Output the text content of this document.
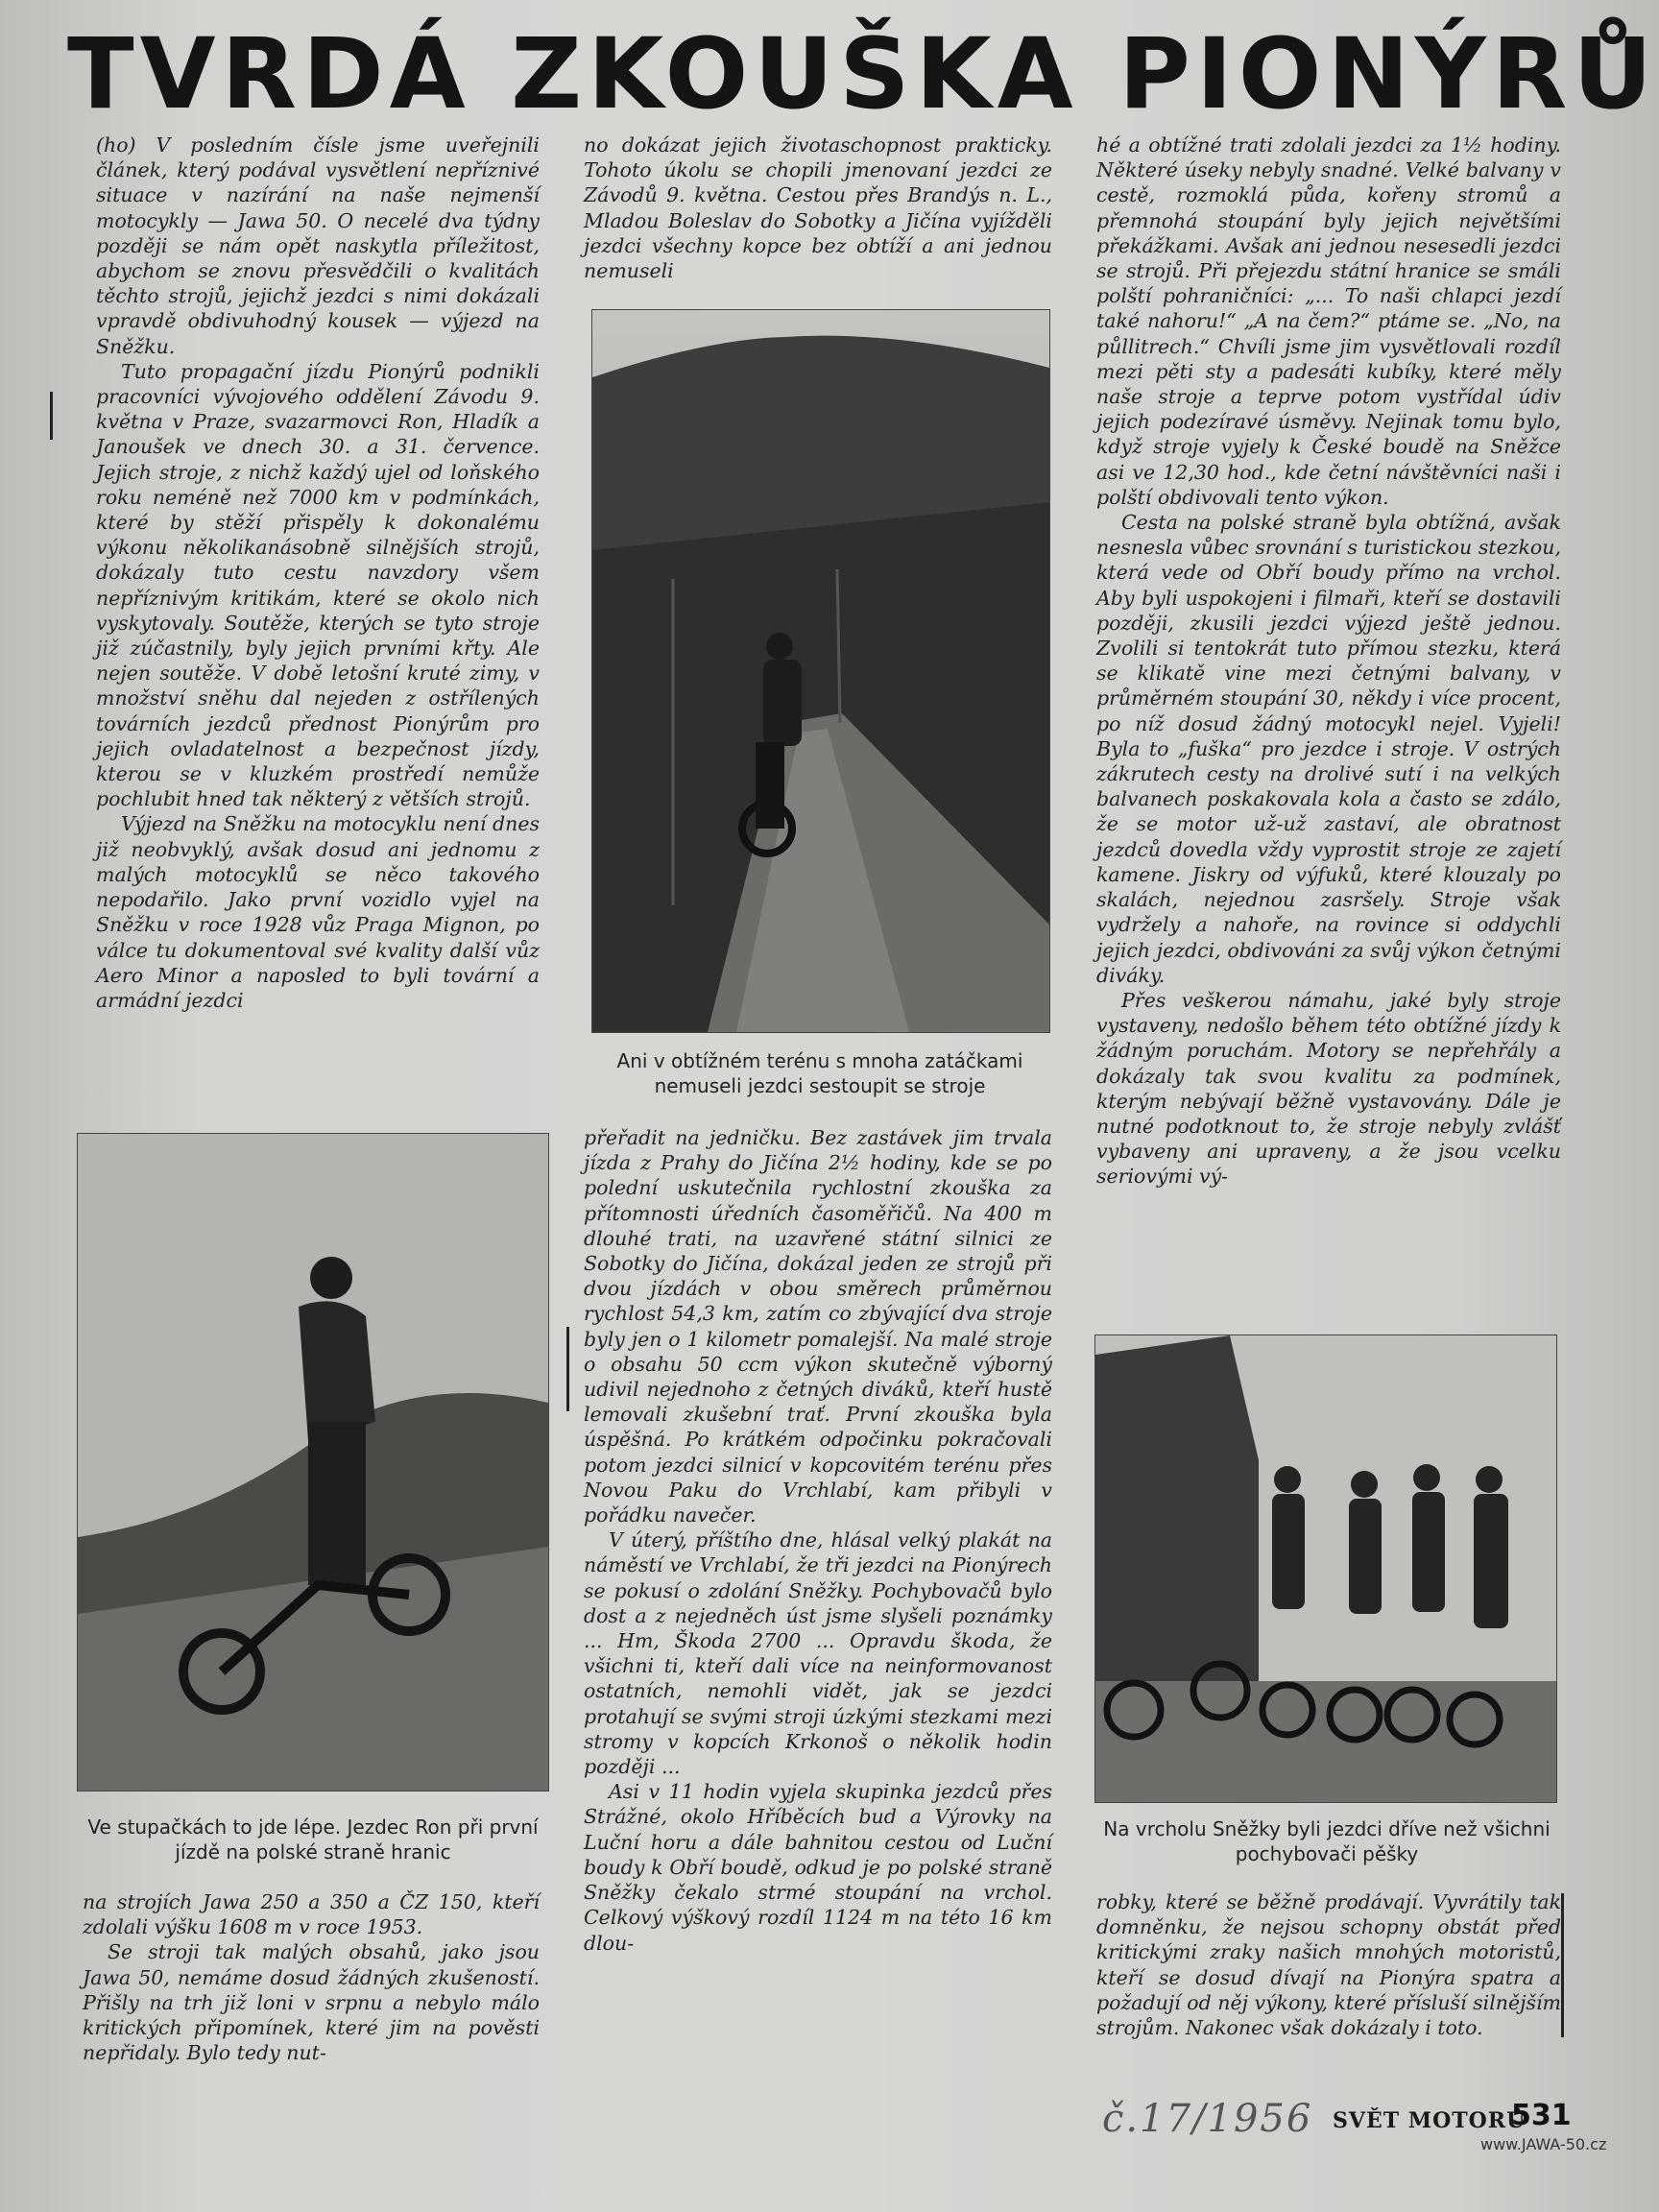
TVRDÁ ZKOUŠKA PIONÝRŮ

(ho) V posledním čísle jsme uveřejnili článek, který podával vysvětlení nepříznivé situace v nazírání na naše nejmenší motocykly — Jawa 50. O necelé dva týdny později se nám opět naskytla příležitost, abychom se znovu přesvědčili o kvalitách těchto strojů, jejichž jezdci s nimi dokázali vpravdě obdivuhodný kousek — výjezd na Sněžku.

Tuto propagační jízdu Pionýrů podnikli pracovníci vývojového oddělení Závodu 9. května v Praze, svazarmovci Ron, Hladík a Janoušek ve dnech 30. a 31. července. Jejich stroje, z nichž každý ujel od loňského roku neméně než 7000 km v podmínkách, které by stěží přispěly k dokonalému výkonu několikanásobně silnějších strojů, dokázaly tuto cestu navzdory všem nepříznivým kritikám, které se okolo nich vyskytovaly. Soutěže, kterých se tyto stroje již zúčastnily, byly jejich prvními křty. Ale nejen soutěže. V době letošní kruté zimy, v množství sněhu dal nejeden z ostřílených továrních jezdců přednost Pionýrům pro jejich ovladatelnost a bezpečnost jízdy, kterou se v kluzkém prostředí nemůže pochlubit hned tak některý z větších strojů.

Výjezd na Sněžku na motocyklu není dnes již neobvyklý, avšak dosud ani jednomu z malých motocyklů se něco takového nepodařilo. Jako první vozidlo vyjel na Sněžku v roce 1928 vůz Praga Mignon, po válce tu dokumentoval své kvality další vůz Aero Minor a naposled to byli tovární a armádní jezdci

no dokázat jejich životaschopnost prakticky. Tohoto úkolu se chopili jmenovaní jezdci ze Závodů 9. května. Cestou přes Brandýs n. L., Mladou Boleslav do Sobotky a Jičína vyjížděli jezdci všechny kopce bez obtíží a ani jednou nemuseli

hé a obtížné trati zdolali jezdci za 1½ hodiny. Některé úseky nebyly snadné. Velké balvany v cestě, rozmoklá půda, kořeny stromů a přemnohá stoupání byly jejich největšími překážkami. Avšak ani jednou nesesedli jezdci se strojů. Při přejezdu státní hranice se smáli polští pohraničníci: „... To naši chlapci jezdí také nahoru!“ „A na čem?“ ptáme se. „No, na půllitrech.“ Chvíli jsme jim vysvětlovali rozdíl mezi pěti sty a padesáti kubíky, které měly naše stroje a teprve potom vystřídal údiv jejich podezíravé úsměvy. Nejinak tomu bylo, když stroje vyjely k České boudě na Sněžce asi ve 12,30 hod., kde četní návštěvníci naši i polští obdivovali tento výkon.

Cesta na polské straně byla obtížná, avšak nesnesla vůbec srovnání s turistickou stezkou, která vede od Obří boudy přímo na vrchol. Aby byli uspokojeni i filmaři, kteří se dostavili později, zkusili jezdci výjezd ještě jednou. Zvolili si tentokrát tuto přímou stezku, která se klikatě vine mezi četnými balvany, v průměrném stoupání 30, někdy i více procent, po níž dosud žádný motocykl nejel. Vyjeli! Byla to „fuška“ pro jezdce i stroje. V ostrých zákrutech cesty na drolivé sutí i na velkých balvanech poskakovala kola a často se zdálo, že se motor už-už zastaví, ale obratnost jezdců dovedla vždy vyprostit stroje ze zajetí kamene. Jiskry od výfuků, které klouzaly po skalách, nejednou zasršely. Stroje však vydržely a nahoře, na rovince si oddychli jejich jezdci, obdivováni za svůj výkon četnými diváky.

Přes veškerou námahu, jaké byly stroje vystaveny, nedošlo během této obtížné jízdy k žádným poruchám. Motory se nepřehřály a dokázaly tak svou kvalitu za podmínek, kterým nebývají běžně vystavovány. Dále je nutné podotknout to, že stroje nebyly zvlášť vybaveny ani upraveny, a že jsou vcelku seriovými vý-

Ani v obtížném terénu s mnoha zatáčkami nemuseli jezdci sestoupit se stroje

přeřadit na jedničku. Bez zastávek jim trvala jízda z Prahy do Jičína 2½ hodiny, kde se po polední uskutečnila rychlostní zkouška za přítomnosti úředních časoměřičů. Na 400 m dlouhé trati, na uzavřené státní silnici ze Sobotky do Jičína, dokázal jeden ze strojů při dvou jízdách v obou směrech průměrnou rychlost 54,3 km, zatím co zbývající dva stroje byly jen o 1 kilometr pomalejší. Na malé stroje o obsahu 50 ccm výkon skutečně výborný udivil nejednoho z četných diváků, kteří hustě lemovali zkušební trať. První zkouška byla úspěšná. Po krátkém odpočinku pokračovali potom jezdci silnicí v kopcovitém terénu přes Novou Paku do Vrchlabí, kam přibyli v pořádku navečer.

V úterý, příštího dne, hlásal velký plakát na náměstí ve Vrchlabí, že tři jezdci na Pionýrech se pokusí o zdolání Sněžky. Pochybovačů bylo dost a z nejedněch úst jsme slyšeli poznámky ... Hm, Škoda 2700 ... Opravdu škoda, že všichni ti, kteří dali více na neinformovanost ostatních, nemohli vidět, jak se jezdci protahují se svými stroji úzkými stezkami mezi stromy v kopcích Krkonoš o několik hodin později ...

Asi v 11 hodin vyjela skupinka jezdců přes Strážné, okolo Hříběcích bud a Výrovky na Luční horu a dále bahnitou cestou od Luční boudy k Obří boudě, odkud je po polské straně Sněžky čekalo strmé stoupání na vrchol. Celkový výškový rozdíl 1124 m na této 16 km dlou-

Ve stupačkách to jde lépe. Jezdec Ron při první jízdě na polské straně hranic

na strojích Jawa 250 a 350 a ČZ 150, kteří zdolali výšku 1608 m v roce 1953.

Se stroji tak malých obsahů, jako jsou Jawa 50, nemáme dosud žádných zkušeností. Přišly na trh již loni v srpnu a nebylo málo kritických připomínek, které jim na pověsti nepřidaly. Bylo tedy nut-

Na vrcholu Sněžky byli jezdci dříve než všichni pochybovači pěšky

robky, které se běžně prodávají. Vyvrátily tak domněnku, že nejsou schopny obstát před kritickými zraky našich mnohých motoristů, kteří se dosud dívají na Pionýra spatra a požadují od něj výkony, které přísluší silnějším strojům. Nakonec však dokázaly i toto.

č.17/1956 SVĚT MOTORŮ
531
www.JAWA-50.cz
